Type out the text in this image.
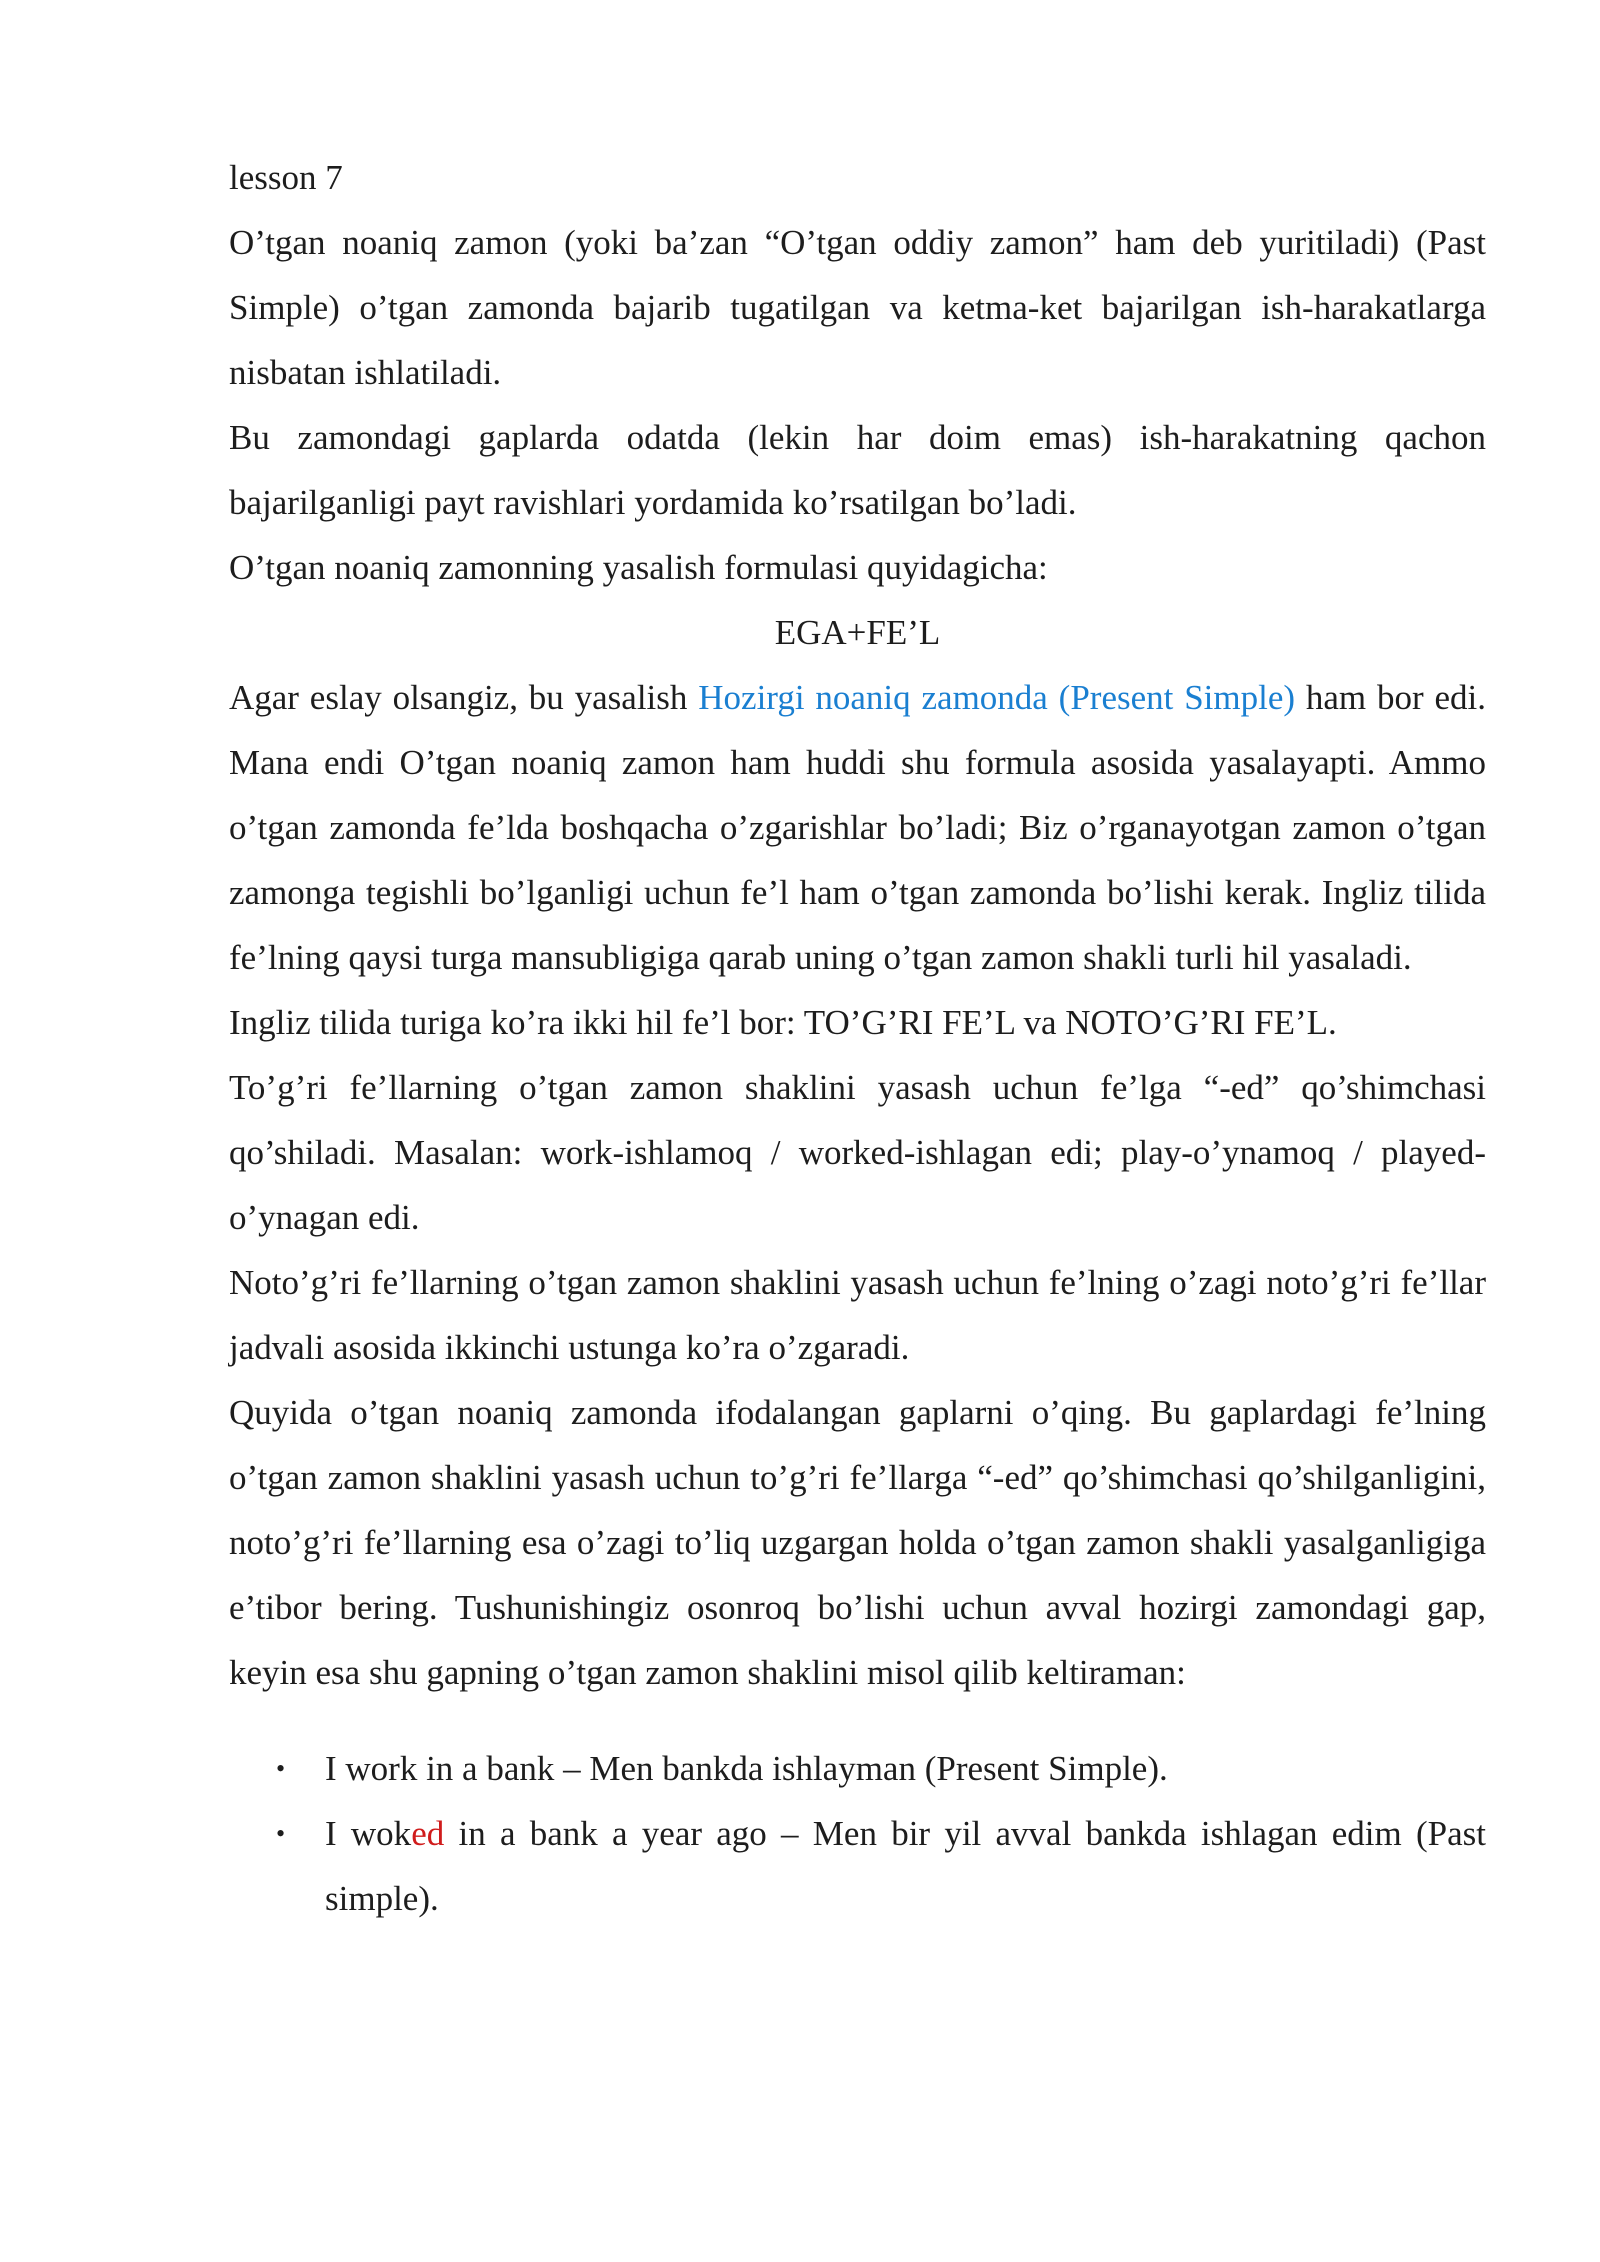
lesson 7

O’tgan noaniq zamon (yoki ba’zan “O’tgan oddiy zamon” ham deb yuritiladi) (Past Simple) o’tgan zamonda bajarib tugatilgan va ketma-ket bajarilgan ish-harakatlarga nisbatan ishlatiladi.

Bu zamondagi gaplarda odatda (lekin har doim emas) ish-harakatning qachon bajarilganligi payt ravishlari yordamida ko’rsatilgan bo’ladi.

O’tgan noaniq zamonning yasalish formulasi quyidagicha:

EGA+FE’L

Agar eslay olsangiz, bu yasalish Hozirgi noaniq zamonda (Present Simple) ham bor edi. Mana endi O’tgan noaniq zamon ham huddi shu formula asosida yasalayapti. Ammo o’tgan zamonda fe’lda boshqacha o’zgarishlar bo’ladi; Biz o’rganayotgan zamon o’tgan zamonga tegishli bo’lganligi uchun fe’l ham o’tgan zamonda bo’lishi kerak. Ingliz tilida fe’lning qaysi turga mansubligiga qarab uning o’tgan zamon shakli turli hil yasaladi.

Ingliz tilida turiga ko’ra ikki hil fe’l bor: TO’G’RI FE’L va NOTO’G’RI FE’L.

To’g’ri fe’llarning o’tgan zamon shaklini yasash uchun fe’lga “-ed” qo’shimchasi qo’shiladi. Masalan: work-ishlamoq / worked-ishlagan edi; play-o’ynamoq / played-o’ynagan edi.

Noto’g’ri fe’llarning o’tgan zamon shaklini yasash uchun fe’lning o’zagi noto’g’ri fe’llar jadvali asosida ikkinchi ustunga ko’ra o’zgaradi.

Quyida o’tgan noaniq zamonda ifodalangan gaplarni o’qing. Bu gaplardagi fe’lning o’tgan zamon shaklini yasash uchun to’g’ri fe’llarga “-ed” qo’shimchasi qo’shilganligini, noto’g’ri fe’llarning esa o’zagi to’liq uzgargan holda o’tgan zamon shakli yasalganligiga e’tibor bering. Tushunishingiz osonroq bo’lishi uchun avval hozirgi zamondagi gap, keyin esa shu gapning o’tgan zamon shaklini misol qilib keltiraman:

• I work in a bank – Men bankda ishlayman (Present Simple).
• I woked in a bank a year ago – Men bir yil avval bankda ishlagan edim (Past simple).
